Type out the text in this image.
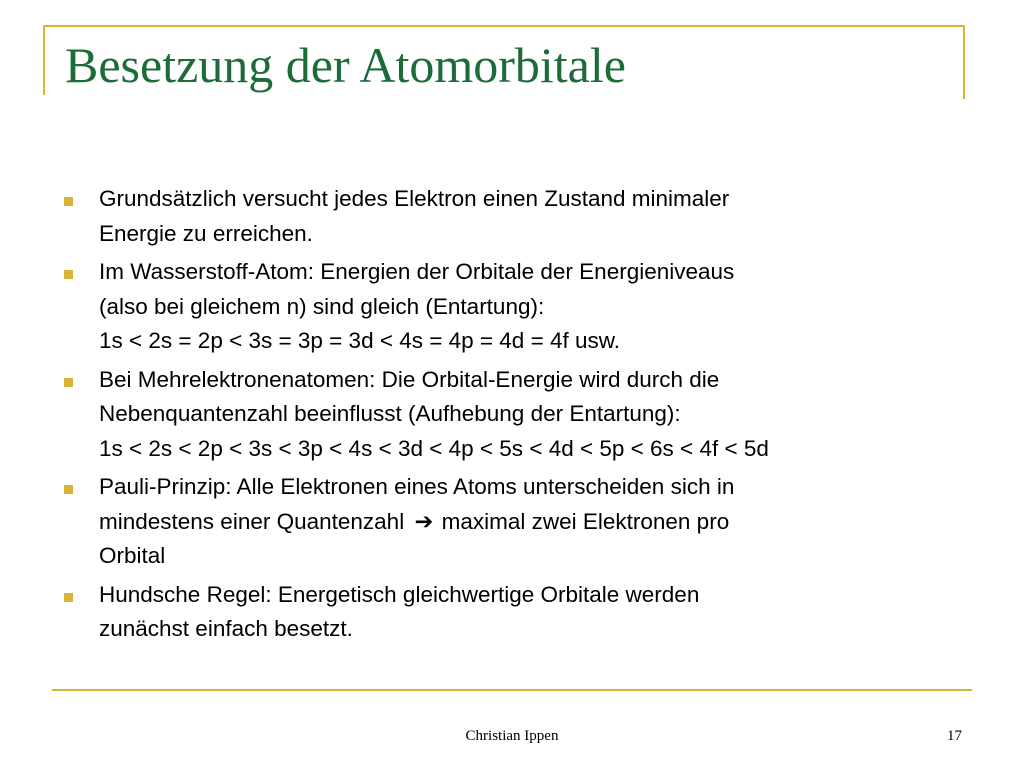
Besetzung der Atomorbitale
Grundsätzlich versucht jedes Elektron einen Zustand minimaler
Energie zu erreichen.
Im Wasserstoff-Atom: Energien der Orbitale der Energieniveaus
(also bei gleichem n) sind gleich (Entartung):
1s < 2s = 2p < 3s = 3p = 3d < 4s = 4p = 4d = 4f usw.
Bei Mehrelektronenatomen: Die Orbital-Energie wird durch die
Nebenquantenzahl beeinflusst (Aufhebung der Entartung):
1s < 2s < 2p < 3s < 3p < 4s < 3d < 4p < 5s < 4d < 5p < 6s < 4f < 5d
Pauli-Prinzip: Alle Elektronen eines Atoms unterscheiden sich in
mindestens einer Quantenzahl ➔ maximal zwei Elektronen pro
Orbital
Hundsche Regel: Energetisch gleichwertige Orbitale werden
zunächst einfach besetzt.
Christian Ippen	17
